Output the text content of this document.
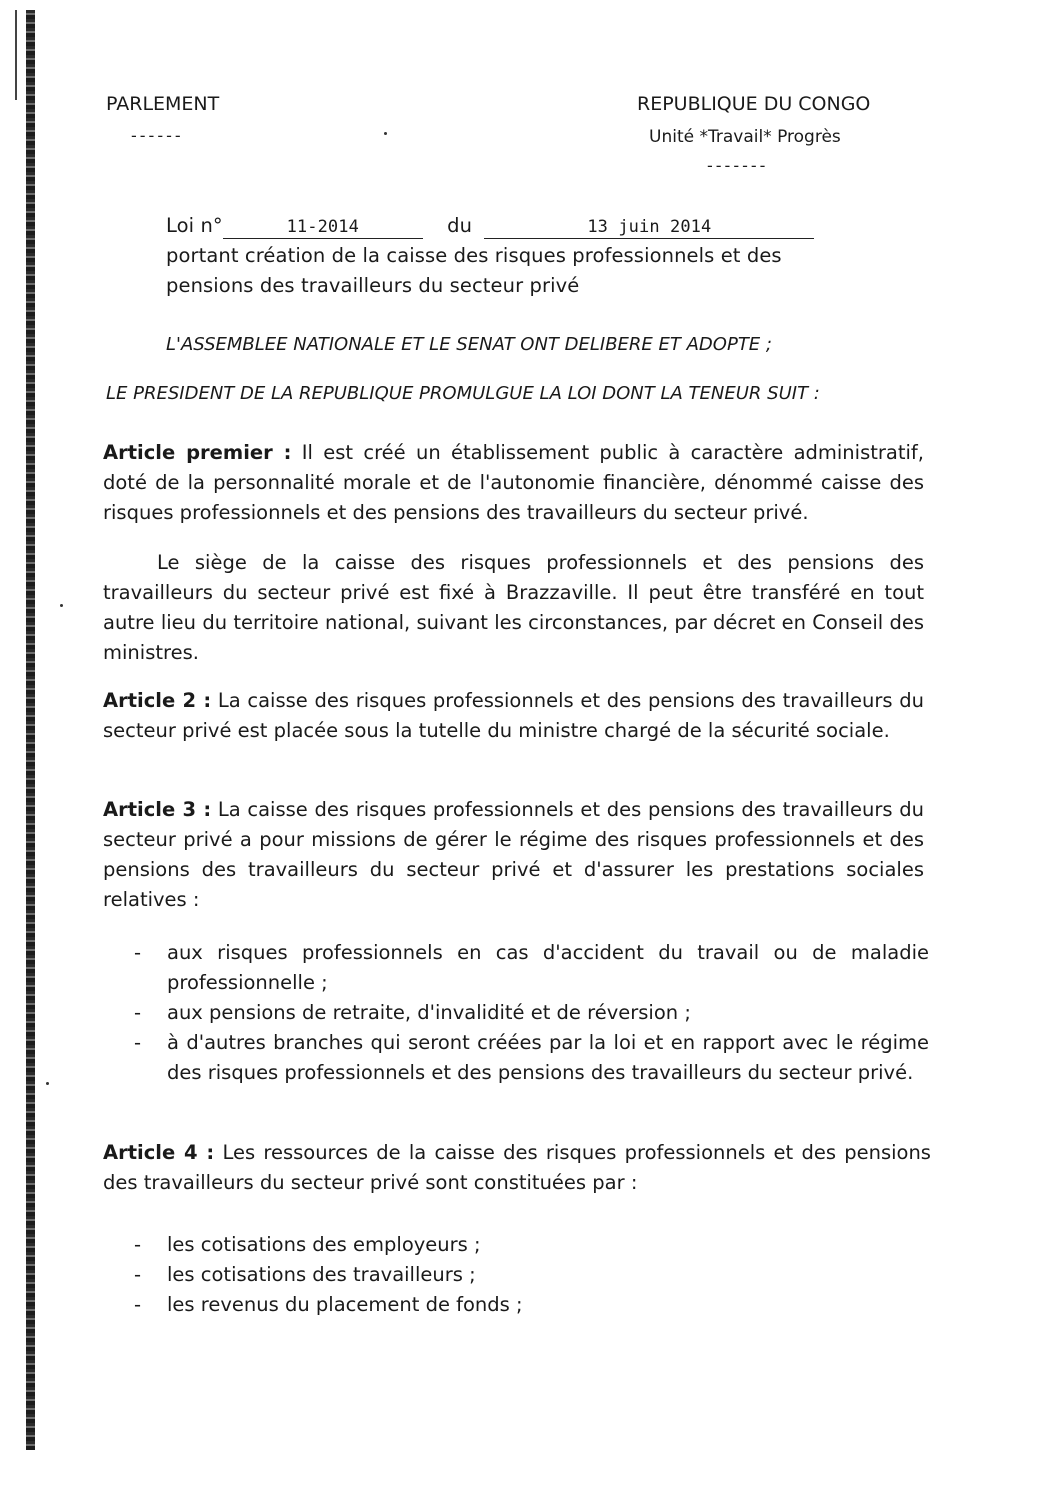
PARLEMENT
------
REPUBLIQUE DU CONGO
Unité *Travail* Progrès
-------
Loi n°	11-2014	du	13 juin 2014
portant création de la caisse des risques professionnels et des
pensions des travailleurs du secteur privé
L'ASSEMBLEE NATIONALE ET LE SENAT ONT DELIBERE ET ADOPTE ;
LE PRESIDENT DE LA REPUBLIQUE PROMULGUE LA LOI DONT LA TENEUR SUIT :

Article premier : Il est créé un établissement public à caractère administratif, doté de la personnalité morale et de l'autonomie financière, dénommé caisse des risques professionnels et des pensions des travailleurs du secteur privé.

Le siège de la caisse des risques professionnels et des pensions des travailleurs du secteur privé est fixé à Brazzaville. Il peut être transféré en tout autre lieu du territoire national, suivant les circonstances, par décret en Conseil des ministres.

Article 2 : La caisse des risques professionnels et des pensions des travailleurs du secteur privé est placée sous la tutelle du ministre chargé de la sécurité sociale.

Article 3 : La caisse des risques professionnels et des pensions des travailleurs du secteur privé a pour missions de gérer le régime des risques professionnels et des pensions des travailleurs du secteur privé et d'assurer les prestations sociales relatives :

- aux risques professionnels en cas d'accident du travail ou de maladie professionnelle ;
- aux pensions de retraite, d'invalidité et de réversion ;
- à d'autres branches qui seront créées par la loi et en rapport avec le régime des risques professionnels et des pensions des travailleurs du secteur privé.

Article 4 : Les ressources de la caisse des risques professionnels et des pensions des travailleurs du secteur privé sont constituées par :

- les cotisations des employeurs ;
- les cotisations des travailleurs ;
- les revenus du placement de fonds ;
